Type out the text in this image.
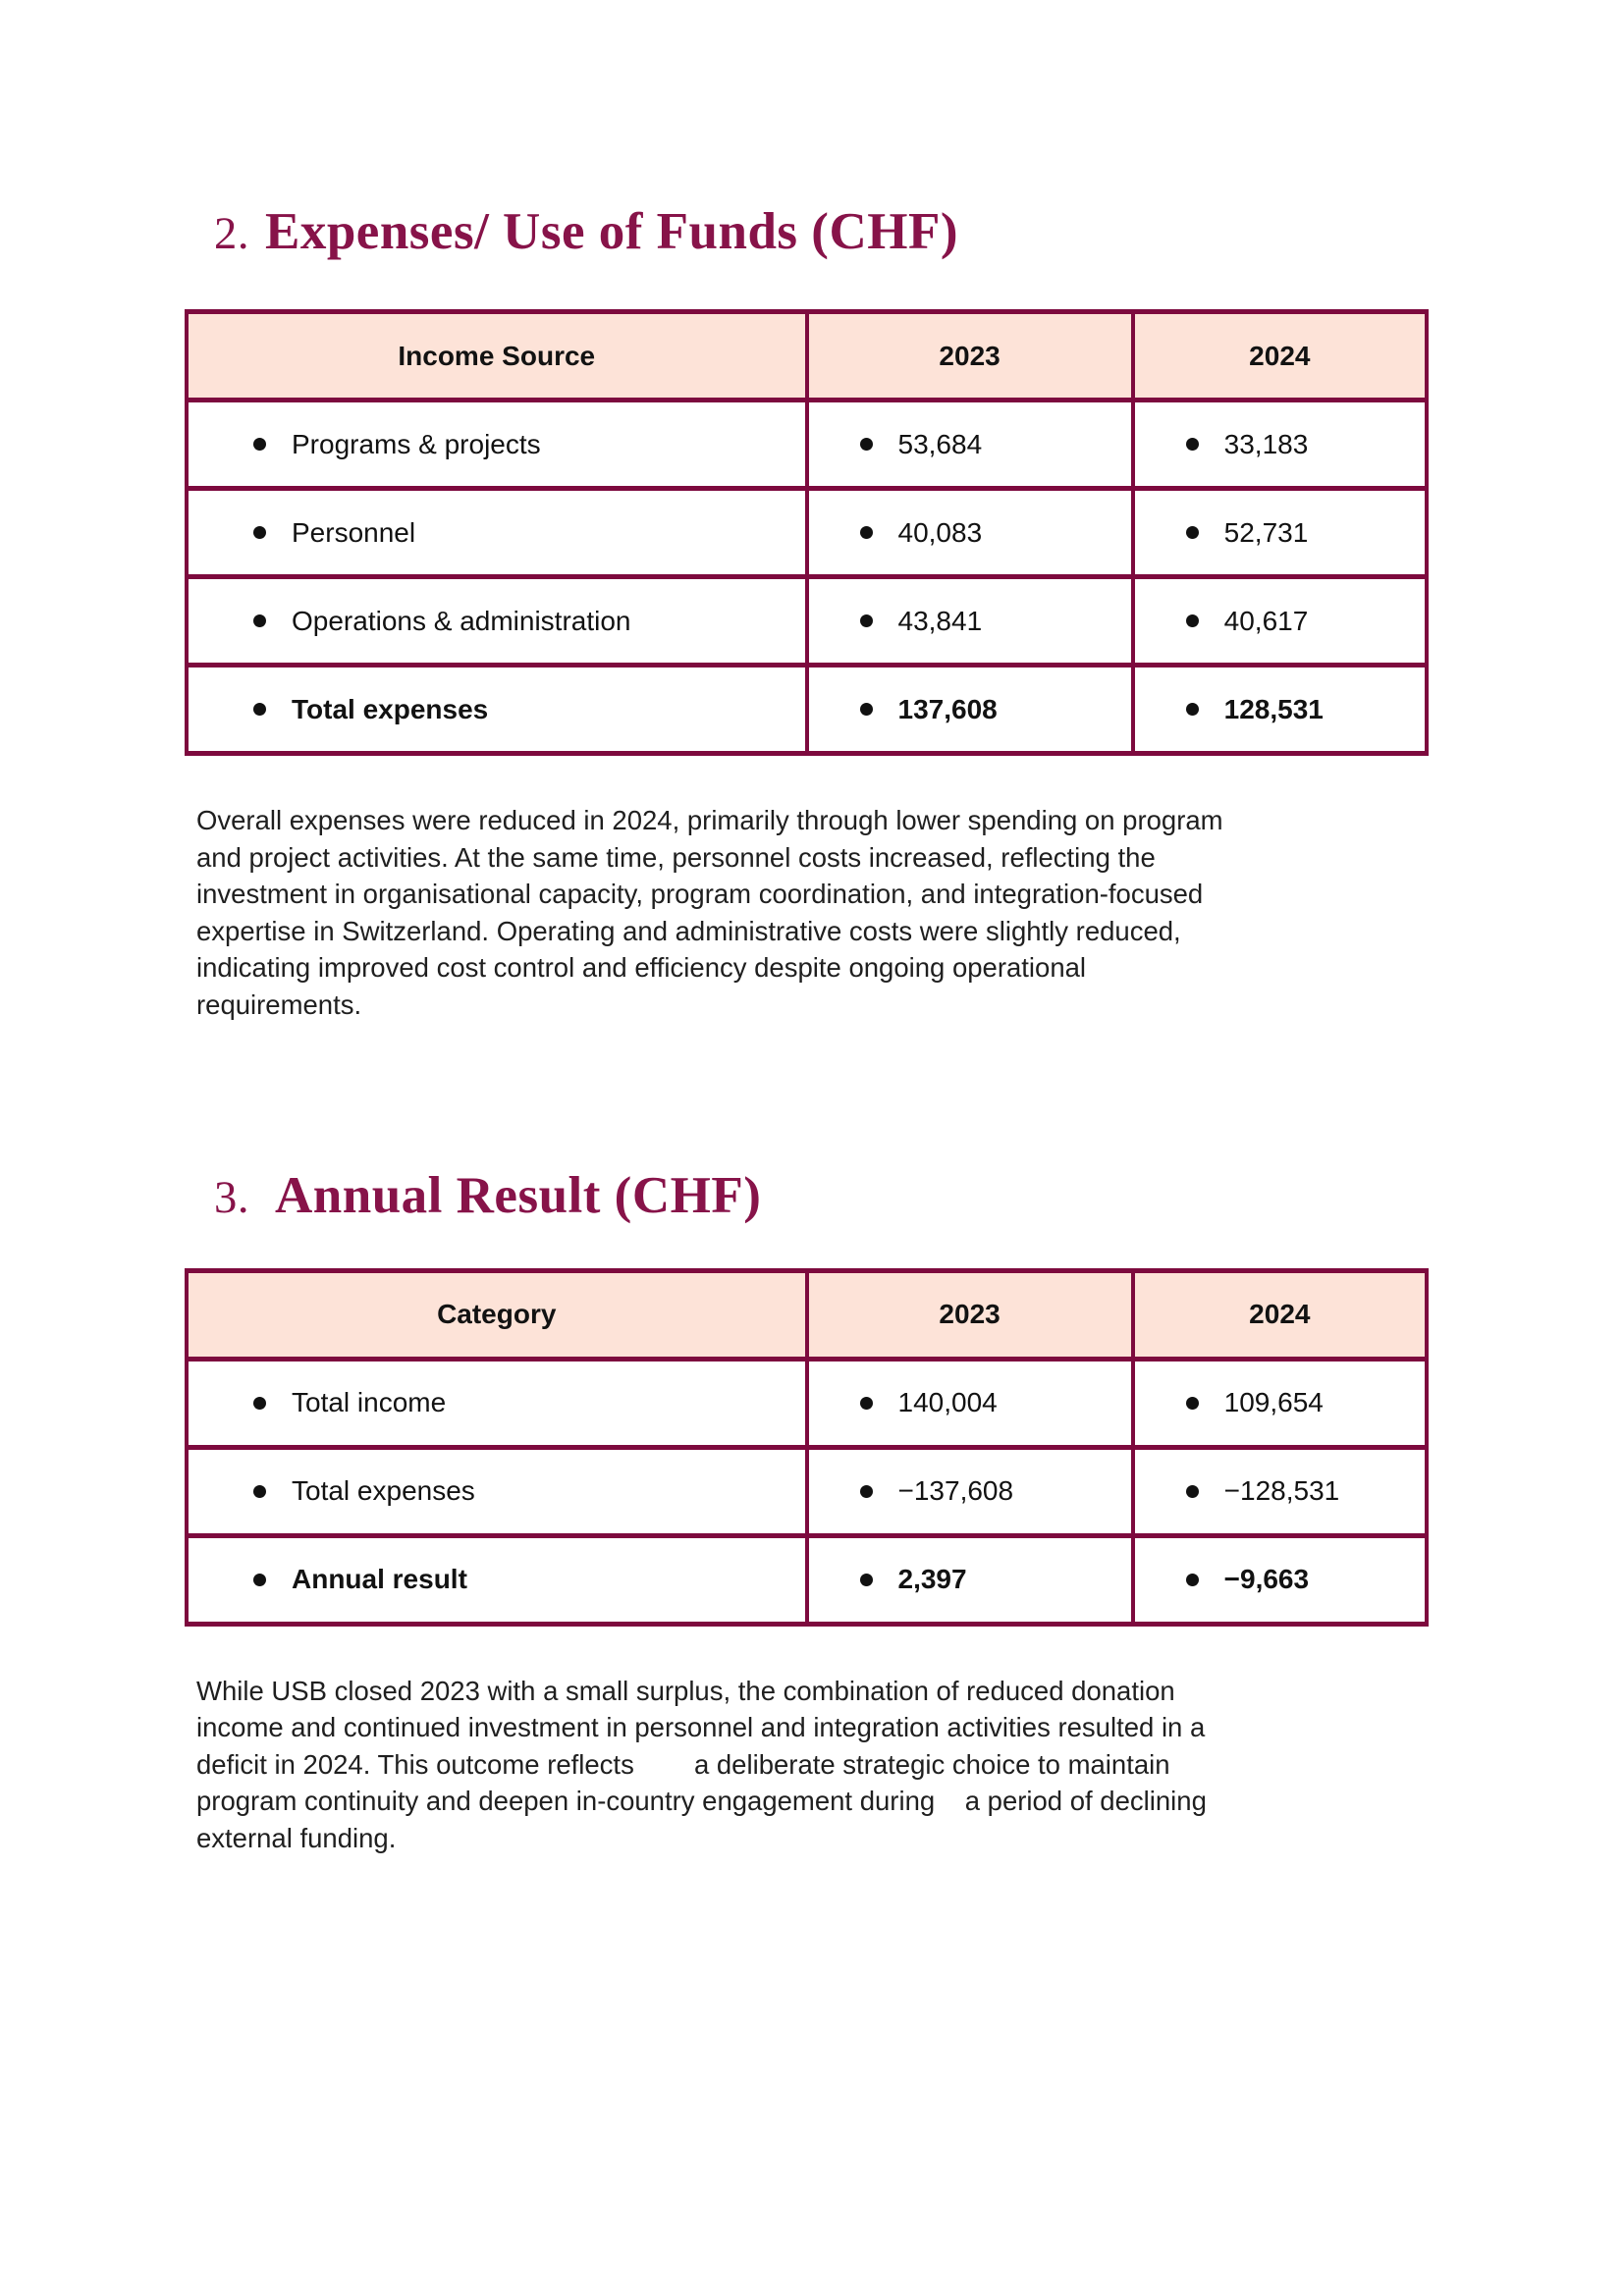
2. Expenses/ Use of Funds (CHF)
Income Source	2023	2024

Programs & projects	53,684	33,183

Personnel	40,083	52,731

Operations & administration	43,841	40,617

Total expenses	137,608	128,531
Overall expenses were reduced in 2024, primarily through lower spending on program
and project activities. At the same time, personnel costs increased, reflecting the
investment in organisational capacity, program coordination, and integration-focused
expertise in Switzerland. Operating and administrative costs were slightly reduced,
indicating improved cost control and efficiency despite ongoing operational
requirements.
3. Annual Result (CHF)
Category	2023	2024

Total income	140,004	109,654

Total expenses	−137,608	−128,531

Annual result	2,397	−9,663
While USB closed 2023 with a small surplus, the combination of reduced donation
income and continued investment in personnel and integration activities resulted in a
deficit in 2024. This outcome reflects        a deliberate strategic choice to maintain
program continuity and deepen in-country engagement during    a period of declining
external funding.
